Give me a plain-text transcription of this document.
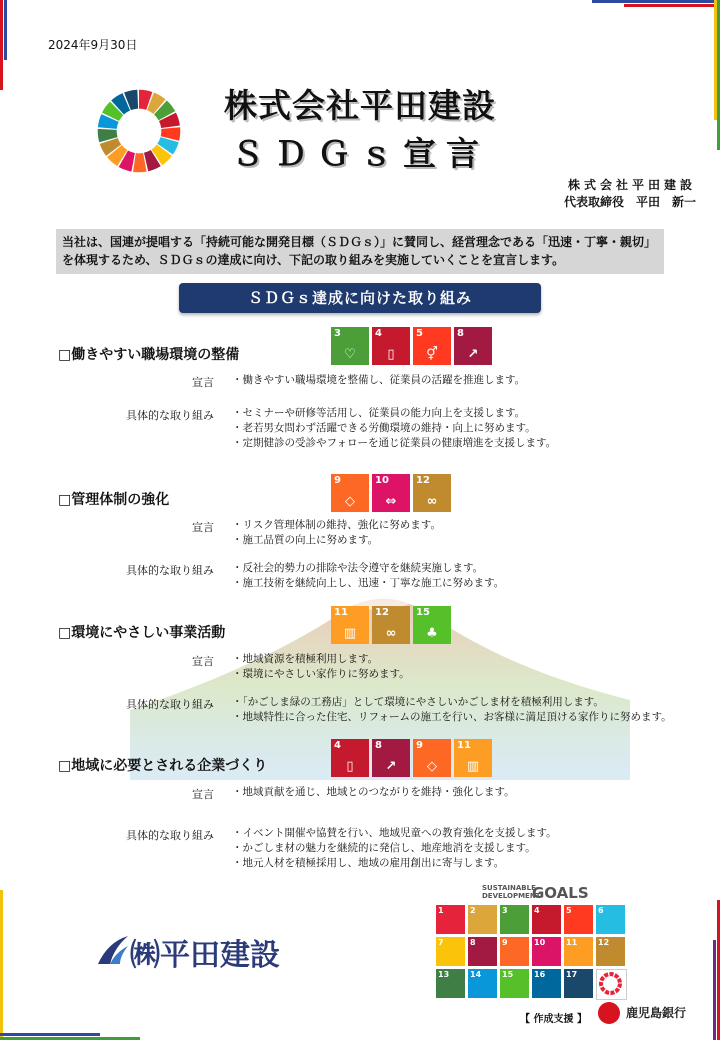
2024年9月30日
株式会社平田建設
ＳＤＧｓ宣言
株式会社平田建設
代表取締役　平田　新一
当社は、国連が提唱する「持続可能な開発目標（ＳＤＧｓ）」に賛同し、経営理念である「迅速・丁寧・親切」を体現するため、ＳＤＧｓの達成に向け、下記の取り組みを実施していくことを宣言します。
ＳＤＧｓ達成に向けた取り組み
□働きやすい職場環境の整備
3
♡
4
▯
5
⚥
8
↗
宣言 ・働きやすい職場環境を整備し、従業員の活躍を推進します。
具体的な取り組み ・セミナーや研修等活用し、従業員の能力向上を支援します。
・老若男女問わず活躍できる労働環境の維持・向上に努めます。
・定期健診の受診やフォローを通じ従業員の健康増進を支援します。
□管理体制の強化
9
◇
10
⇔
12
∞
宣言 ・リスク管理体制の維持、強化に努めます。
・施工品質の向上に努めます。
具体的な取り組み ・反社会的勢力の排除や法令遵守を継続実施します。
・施工技術を継続向上し、迅速・丁寧な施工に努めます。
□環境にやさしい事業活動
11
▥
12
∞
15
♣
宣言 ・地域資源を積極利用します。
・環境にやさしい家作りに努めます。
具体的な取り組み ・「かごしま緑の工務店」として環境にやさしいかごしま材を積極利用します。
・地域特性に合った住宅、リフォームの施工を行い、お客様に満足頂ける家作りに努めます。
□地域に必要とされる企業づくり
4
▯
8
↗
9
◇
11
▥
宣言 ・地域貢献を通じ、地域とのつながりを維持・強化します。
具体的な取り組み ・イベント開催や協賛を行い、地域児童への教育強化を支援します。
・かごしま材の魅力を継続的に発信し、地産地消を支援します。
・地元人材を積極採用し、地域の雇用創出に寄与します。
㈱平田建設
SUSTAINABLE
DEVELOPMENT
GOALS
1	2	3	4	5	6
7	8	9	10	11	12
13	14	15	16	17
【 作成支援 】	鹿児島銀行
